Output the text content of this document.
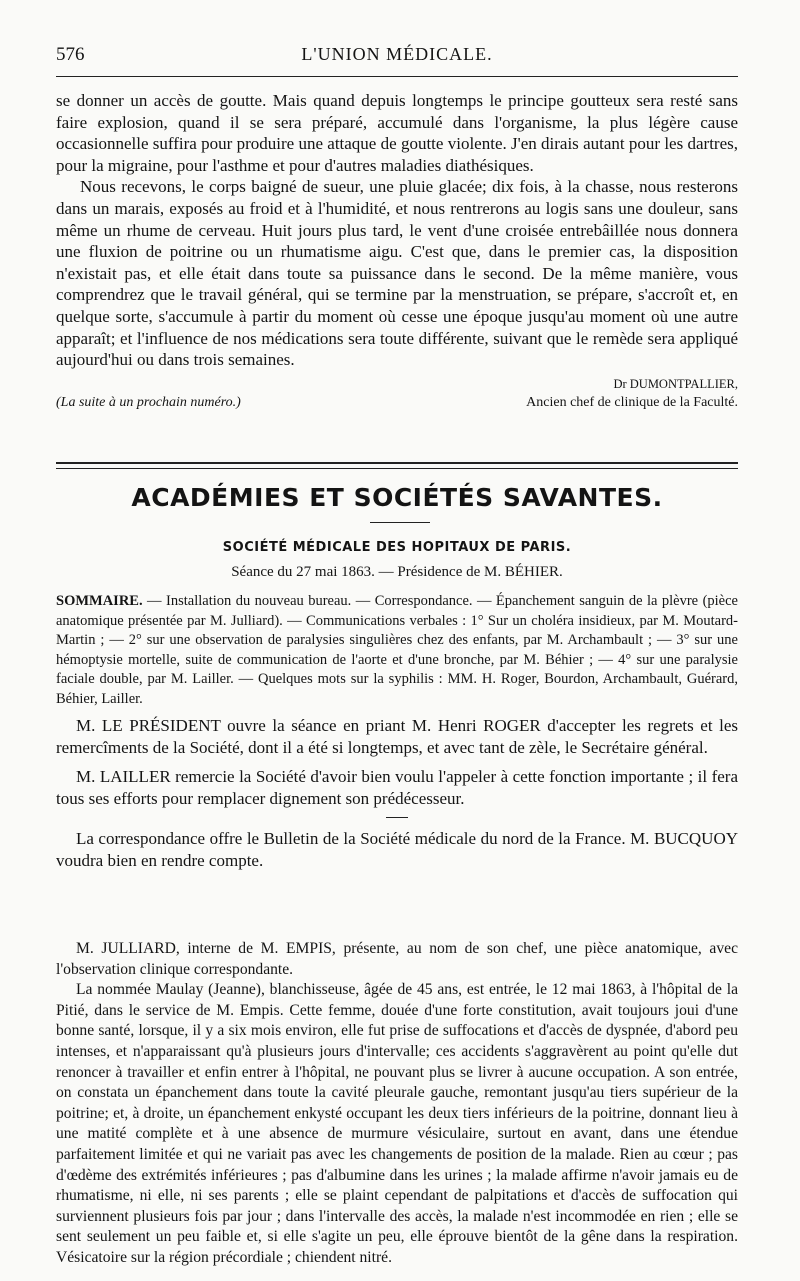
576	L'UNION MÉDICALE.

se donner un accès de goutte. Mais quand depuis longtemps le principe goutteux sera resté sans faire explosion, quand il se sera préparé, accumulé dans l'organisme, la plus légère cause occasionnelle suffira pour produire une attaque de goutte violente. J'en dirais autant pour les dartres, pour la migraine, pour l'asthme et pour d'autres maladies diathésiques.

Nous recevons, le corps baigné de sueur, une pluie glacée; dix fois, à la chasse, nous resterons dans un marais, exposés au froid et à l'humidité, et nous rentrerons au logis sans une douleur, sans même un rhume de cerveau. Huit jours plus tard, le vent d'une croisée entrebâillée nous donnera une fluxion de poitrine ou un rhumatisme aigu. C'est que, dans le premier cas, la disposition n'existait pas, et elle était dans toute sa puissance dans le second. De la même manière, vous comprendrez que le travail général, qui se termine par la menstruation, se prépare, s'accroît et, en quelque sorte, s'accumule à partir du moment où cesse une époque jusqu'au moment où une autre apparaît; et l'influence de nos médications sera toute différente, suivant que le remède sera appliqué aujourd'hui ou dans trois semaines.

Dr DUMONTPALLIER,
(La suite à un prochain numéro.)	Ancien chef de clinique de la Faculté.
ACADÉMIES ET SOCIÉTÉS SAVANTES.
SOCIÉTÉ MÉDICALE DES HOPITAUX DE PARIS.
Séance du 27 mai 1863. — Présidence de M. BÉHIER.
SOMMAIRE. — Installation du nouveau bureau. — Correspondance. — Épanchement sanguin de la plèvre (pièce anatomique présentée par M. Julliard). — Communications verbales : 1° Sur un choléra insidieux, par M. Moutard-Martin ; — 2° sur une observation de paralysies singulières chez des enfants, par M. Archambault ; — 3° sur une hémoptysie mortelle, suite de communication de l'aorte et d'une bronche, par M. Béhier ; — 4° sur une paralysie faciale double, par M. Lailler. — Quelques mots sur la syphilis : MM. H. Roger, Bourdon, Archambault, Guérard, Béhier, Lailler.

M. LE PRÉSIDENT ouvre la séance en priant M. Henri ROGER d'accepter les regrets et les remercîments de la Société, dont il a été si longtemps, et avec tant de zèle, le Secrétaire général.

M. LAILLER remercie la Société d'avoir bien voulu l'appeler à cette fonction importante ; il fera tous ses efforts pour remplacer dignement son prédécesseur.

La correspondance offre le Bulletin de la Société médicale du nord de la France. M. BUCQUOY voudra bien en rendre compte.

M. JULLIARD, interne de M. EMPIS, présente, au nom de son chef, une pièce anatomique, avec l'observation clinique correspondante.

La nommée Maulay (Jeanne), blanchisseuse, âgée de 45 ans, est entrée, le 12 mai 1863, à l'hôpital de la Pitié, dans le service de M. Empis. Cette femme, douée d'une forte constitution, avait toujours joui d'une bonne santé, lorsque, il y a six mois environ, elle fut prise de suffocations et d'accès de dyspnée, d'abord peu intenses, et n'apparaissant qu'à plusieurs jours d'intervalle; ces accidents s'aggravèrent au point qu'elle dut renoncer à travailler et enfin entrer à l'hôpital, ne pouvant plus se livrer à aucune occupation. A son entrée, on constata un épanchement dans toute la cavité pleurale gauche, remontant jusqu'au tiers supérieur de la poitrine; et, à droite, un épanchement enkysté occupant les deux tiers inférieurs de la poitrine, donnant lieu à une matité complète et à une absence de murmure vésiculaire, surtout en avant, dans une étendue parfaitement limitée et qui ne variait pas avec les changements de position de la malade. Rien au cœur ; pas d'œdème des extrémités inférieures ; pas d'albumine dans les urines ; la malade affirme n'avoir jamais eu de rhumatisme, ni elle, ni ses parents ; elle se plaint cependant de palpitations et d'accès de suffocation qui surviennent plusieurs fois par jour ; dans l'intervalle des accès, la malade n'est incommodée en rien ; elle se sent seulement un peu faible et, si elle s'agite un peu, elle éprouve bientôt de la gêne dans la respiration. Vésicatoire sur la région précordiale ; chiendent nitré.
